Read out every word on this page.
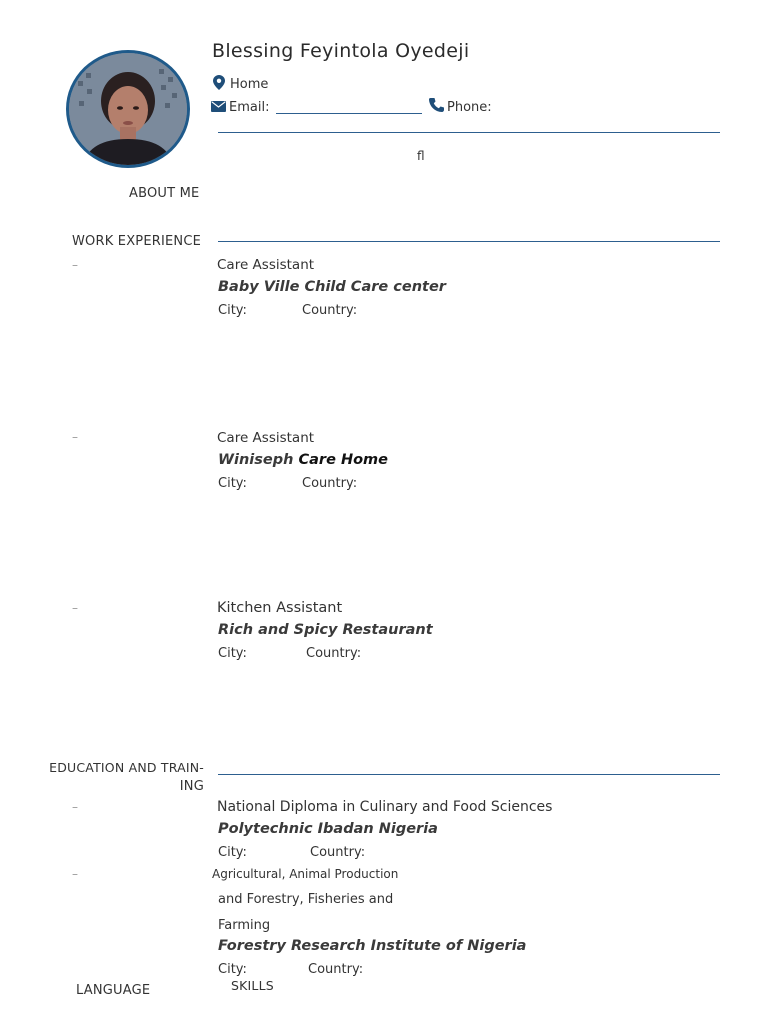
Blessing Feyintola Oyedeji
Home
Email:	Phone:
ﬂ
ABOUT ME
WORK EXPERIENCE
–	Care Assistant
Baby Ville Child Care center
City:	Country:
–	Care Assistant
Winiseph Care Home
City:	Country:
–	Kitchen Assistant
Rich and Spicy Restaurant
City:	Country:
EDUCATION AND TRAIN-
ING
–	National Diploma in Culinary and Food Sciences
Polytechnic Ibadan Nigeria
City:	Country:
–	Agricultural, Animal Production
and Forestry, Fisheries and
Farming
Forestry Research Institute of Nigeria
City:	Country:
LANGUAGE	SKILLS
